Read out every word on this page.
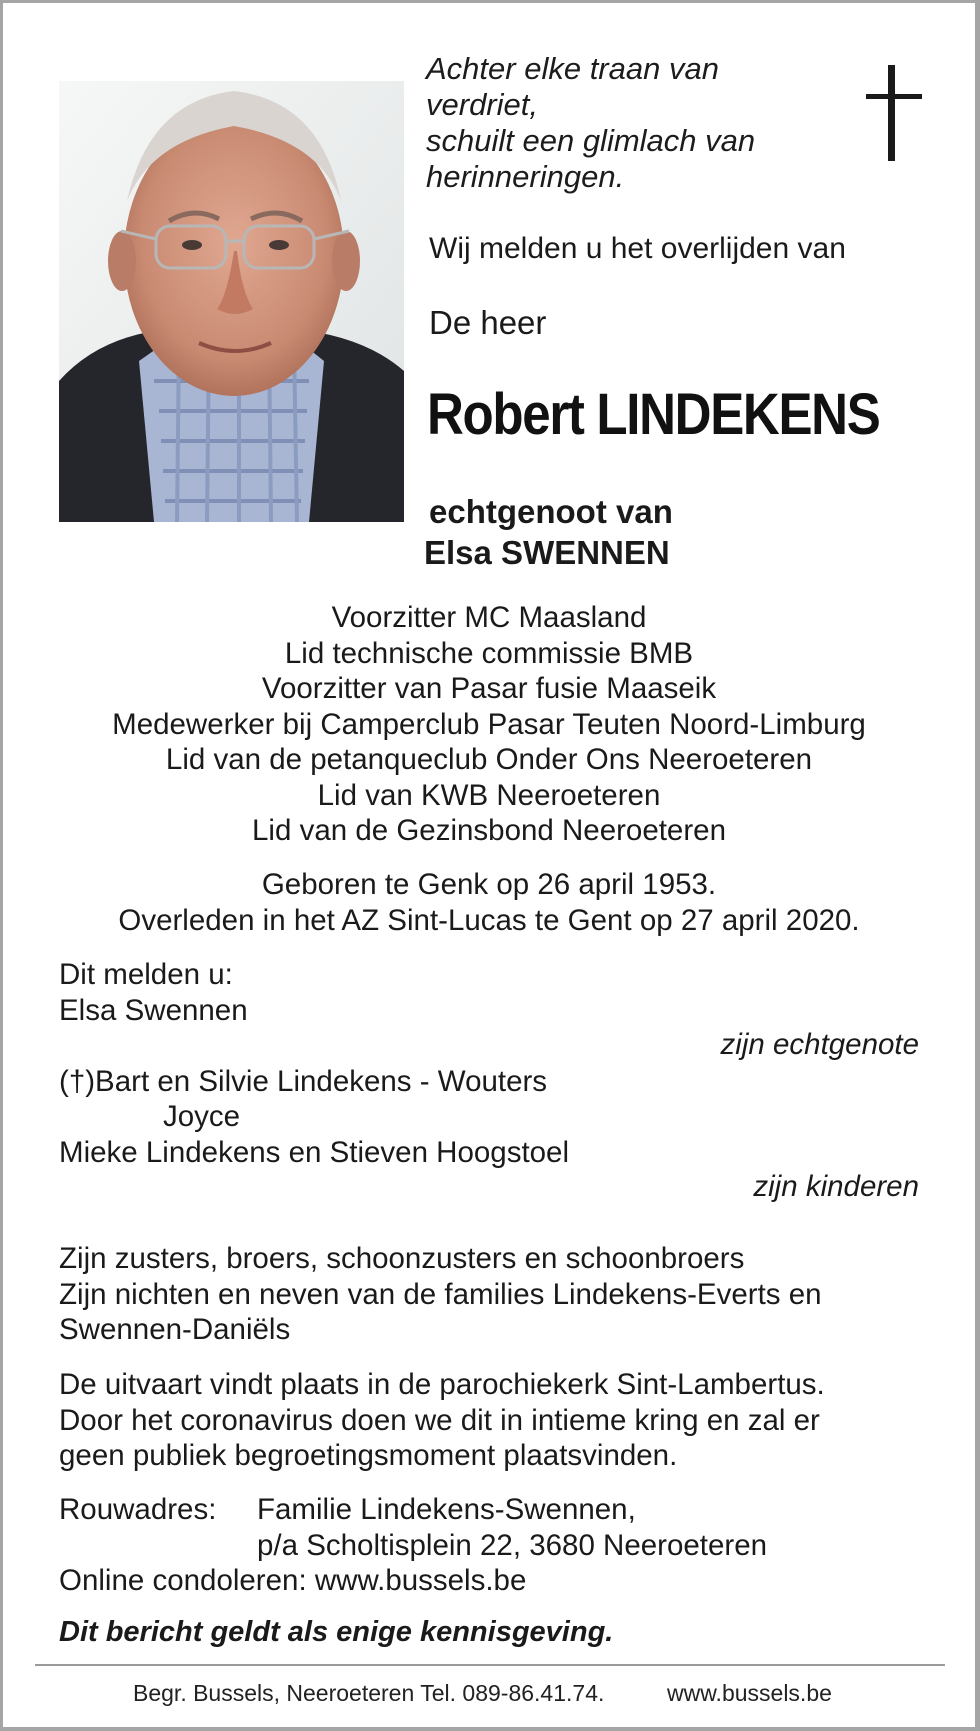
Achter elke traan van
verdriet,
schuilt een glimlach van
herinneringen.
Wij melden u het overlijden van
De heer
Robert LINDEKENS
echtgenoot van
Elsa SWENNEN
Voorzitter MC Maasland
Lid technische commissie BMB
Voorzitter van Pasar fusie Maaseik
Medewerker bij Camperclub Pasar Teuten Noord-Limburg
Lid van de petanqueclub Onder Ons Neeroeteren
Lid van KWB Neeroeteren
Lid van de Gezinsbond Neeroeteren
Geboren te Genk op 26 april 1953.
Overleden in het AZ Sint-Lucas te Gent op 27 april 2020.
Dit melden u:
Elsa Swennen
zijn echtgenote
(†)Bart en Silvie Lindekens - Wouters
Joyce
Mieke Lindekens en Stieven Hoogstoel
zijn kinderen
Zijn zusters, broers, schoonzusters en schoonbroers
Zijn nichten en neven van de families Lindekens-Everts en
Swennen-Daniëls
De uitvaart vindt plaats in de parochiekerk Sint-Lambertus.
Door het coronavirus doen we dit in intieme kring en zal er
geen publiek begroetingsmoment plaatsvinden.
Rouwadres: Familie Lindekens-Swennen,
p/a Scholtisplein 22, 3680 Neeroeteren
Online condoleren: www.bussels.be
Dit bericht geldt als enige kennisgeving.
Begr. Bussels, Neeroeteren Tel. 089-86.41.74.	www.bussels.be
